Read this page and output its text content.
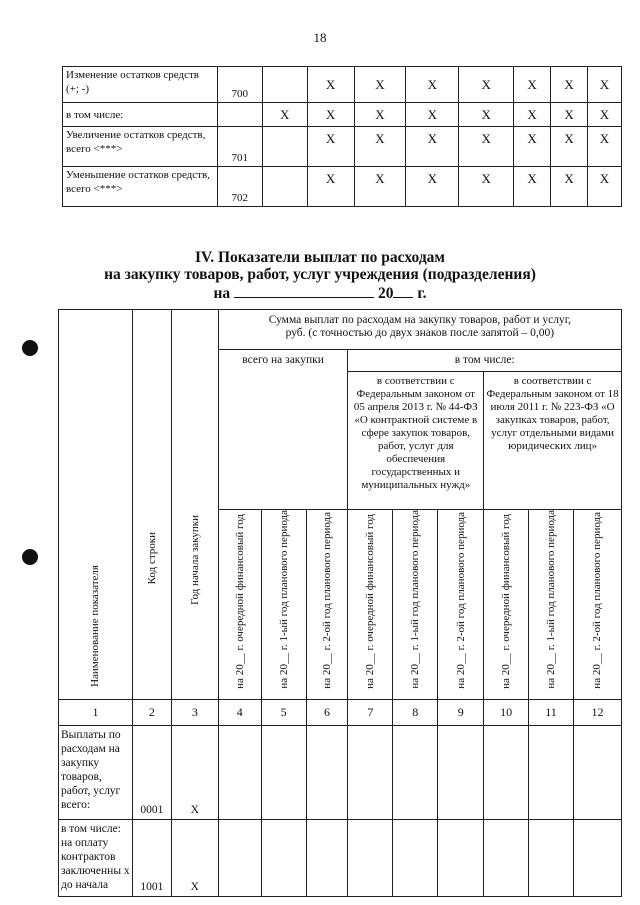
18
Изменение остатков средств (+; -)	700		X	X	X	X	X	X	X
в том числе:		X	X	X	X	X	X	X	X
Увеличение остатков средств, всего <***>	701		X	X	X	X	X	X	X
Уменьшение остатков средств, всего <***>	702		X	X	X	X	X	X	X
IV. Показатели выплат по расходам
на закупку товаров, работ, услуг учреждения (подразделения)
на	20 г.
Наименование показателя	Код строки	Год начала закупки	Сумма выплат по расходам на закупку товаров, работ и услуг, руб. (с точностью до двух знаков после запятой – 0,00)								
			всего на закупки			в том числе:					
						в соответствии с Федеральным законом от 05 апреля 2013 г. № 44-ФЗ «О контрактной системе в сфере закупок товаров, работ, услуг для обеспечения государственных и муниципальных нужд»			в соответствии с Федеральным законом от 18 июля 2011 г. № 223-ФЗ «О закупках товаров, работ, услуг отдельными видами юридических лиц»		
			на 20__ г. очередной финансовый год	на 20__ г. 1-ый год планового периода	на 20__ г. 2-ой год планового периода	на 20__ г. очередной финансовый год	на 20__ г. 1-ый год планового периода	на 20__ г. 2-ой год планового периода	на 20__ г. очередной финансовый год	на 20__ г. 1-ый год планового периода	на 20__ г. 2-ой год планового периода
1	2	3	4	5	6	7	8	9	10	11	12
Выплаты по расходам на закупку товаров, работ, услуг всего:	0001	X									
в том числе: на оплату контрактов заключенны х до начала	1001	X									
